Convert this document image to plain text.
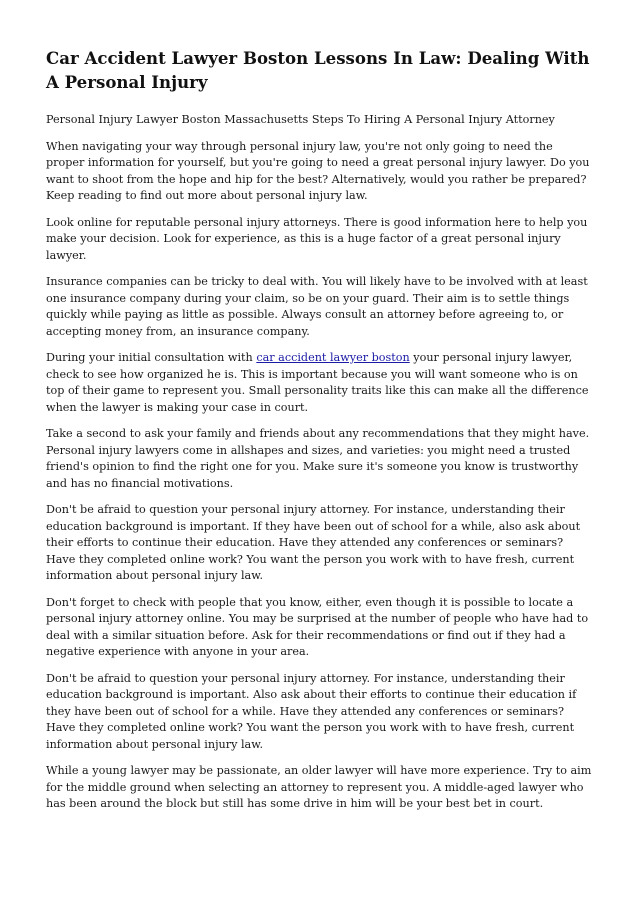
Car Accident Lawyer Boston Lessons In Law: Dealing With A Personal Injury

Personal Injury Lawyer Boston Massachusetts Steps To Hiring A Personal Injury Attorney

When navigating your way through personal injury law, you're not only going to need the proper information for yourself, but you're going to need a great personal injury lawyer. Do you want to shoot from the hope and hip for the best? Alternatively, would you rather be prepared? Keep reading to find out more about personal injury law.

Look online for reputable personal injury attorneys. There is good information here to help you make your decision. Look for experience, as this is a huge factor of a great personal injury lawyer.

Insurance companies can be tricky to deal with. You will likely have to be involved with at least one insurance company during your claim, so be on your guard. Their aim is to settle things quickly while paying as little as possible. Always consult an attorney before agreeing to, or accepting money from, an insurance company.

During your initial consultation with car accident lawyer boston your personal injury lawyer, check to see how organized he is. This is important because you will want someone who is on top of their game to represent you. Small personality traits like this can make all the difference when the lawyer is making your case in court.

Take a second to ask your family and friends about any recommendations that they might have. Personal injury lawyers come in allshapes and sizes, and varieties: you might need a trusted friend's opinion to find the right one for you. Make sure it's someone you know is trustworthy and has no financial motivations.

Don't be afraid to question your personal injury attorney. For instance, understanding their education background is important. If they have been out of school for a while, also ask about their efforts to continue their education. Have they attended any conferences or seminars? Have they completed online work? You want the person you work with to have fresh, current information about personal injury law.

Don't forget to check with people that you know, either, even though it is possible to locate a personal injury attorney online. You may be surprised at the number of people who have had to deal with a similar situation before. Ask for their recommendations or find out if they had a negative experience with anyone in your area.

Don't be afraid to question your personal injury attorney. For instance, understanding their education background is important. Also ask about their efforts to continue their education if they have been out of school for a while. Have they attended any conferences or seminars? Have they completed online work? You want the person you work with to have fresh, current information about personal injury law.

While a young lawyer may be passionate, an older lawyer will have more experience. Try to aim for the middle ground when selecting an attorney to represent you. A middle-aged lawyer who has been around the block but still has some drive in him will be your best bet in court.
